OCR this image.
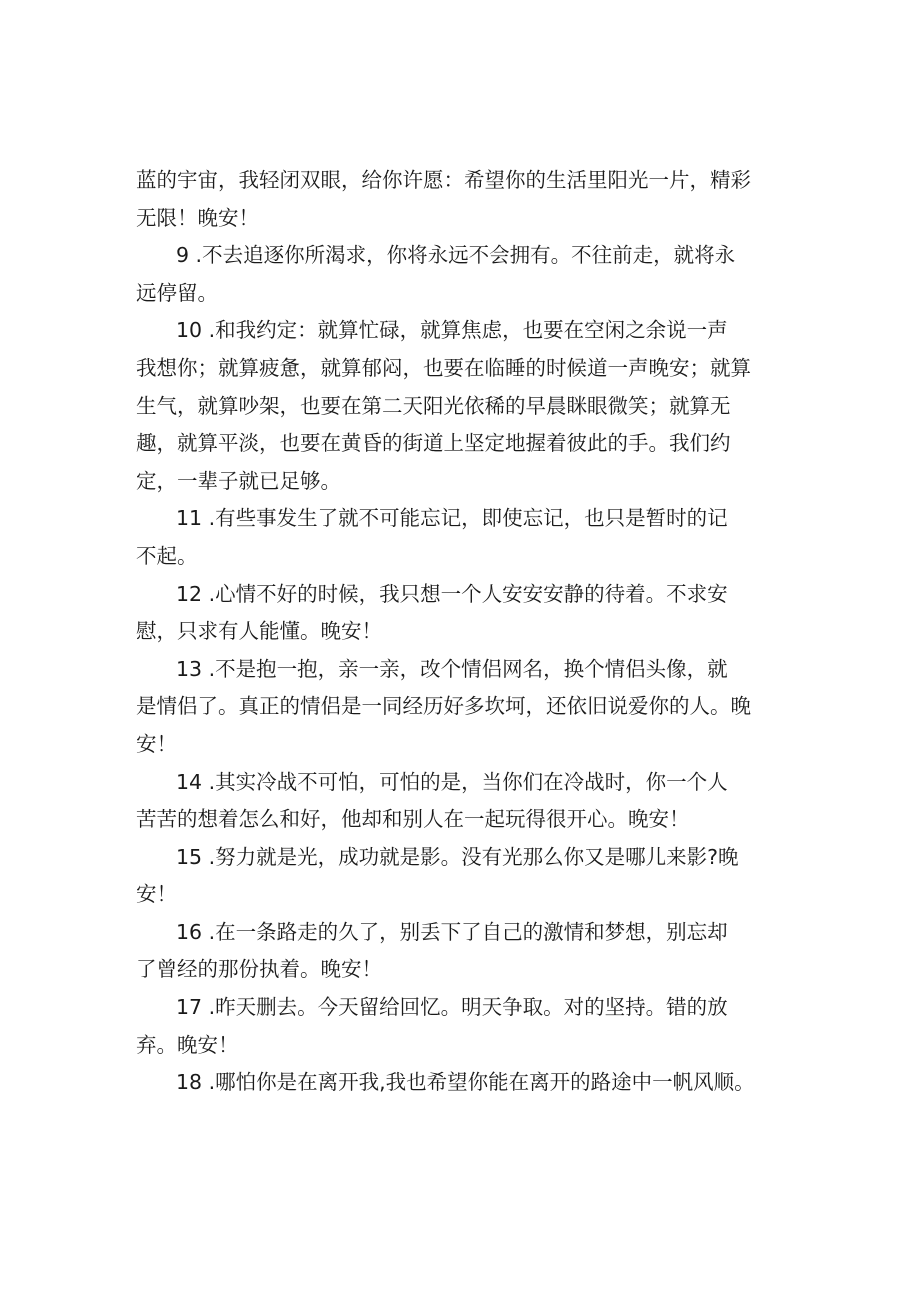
蓝的宇宙，我轻闭双眼，给你许愿：希望你的生活里阳光一片，精彩
无限！晚安！
9 .不去追逐你所渴求，你将永远不会拥有。不往前走，就将永
远停留。
10 .和我约定：就算忙碌，就算焦虑，也要在空闲之余说一声
我想你；就算疲惫，就算郁闷，也要在临睡的时候道一声晚安；就算
生气，就算吵架，也要在第二天阳光依稀的早晨眯眼微笑；就算无
趣，就算平淡，也要在黄昏的街道上坚定地握着彼此的手。我们约
定，一辈子就已足够。
11 .有些事发生了就不可能忘记，即使忘记，也只是暂时的记
不起。
12 .心情不好的时候，我只想一个人安安安静的待着。不求安
慰，只求有人能懂。晚安！
13 .不是抱一抱，亲一亲，改个情侣网名，换个情侣头像，就
是情侣了。真正的情侣是一同经历好多坎坷，还依旧说爱你的人。晚
安！
14 .其实冷战不可怕，可怕的是，当你们在冷战时，你一个人
苦苦的想着怎么和好，他却和别人在一起玩得很开心。晚安！
15 .努力就是光，成功就是影。没有光那么你又是哪儿来影?晚
安！
16 .在一条路走的久了，别丢下了自己的激情和梦想，别忘却
了曾经的那份执着。晚安！
17 .昨天删去。今天留给回忆。明天争取。对的坚持。错的放
弃。晚安！
18 .哪怕你是在离开我,我也希望你能在离开的路途中一帆风顺。
